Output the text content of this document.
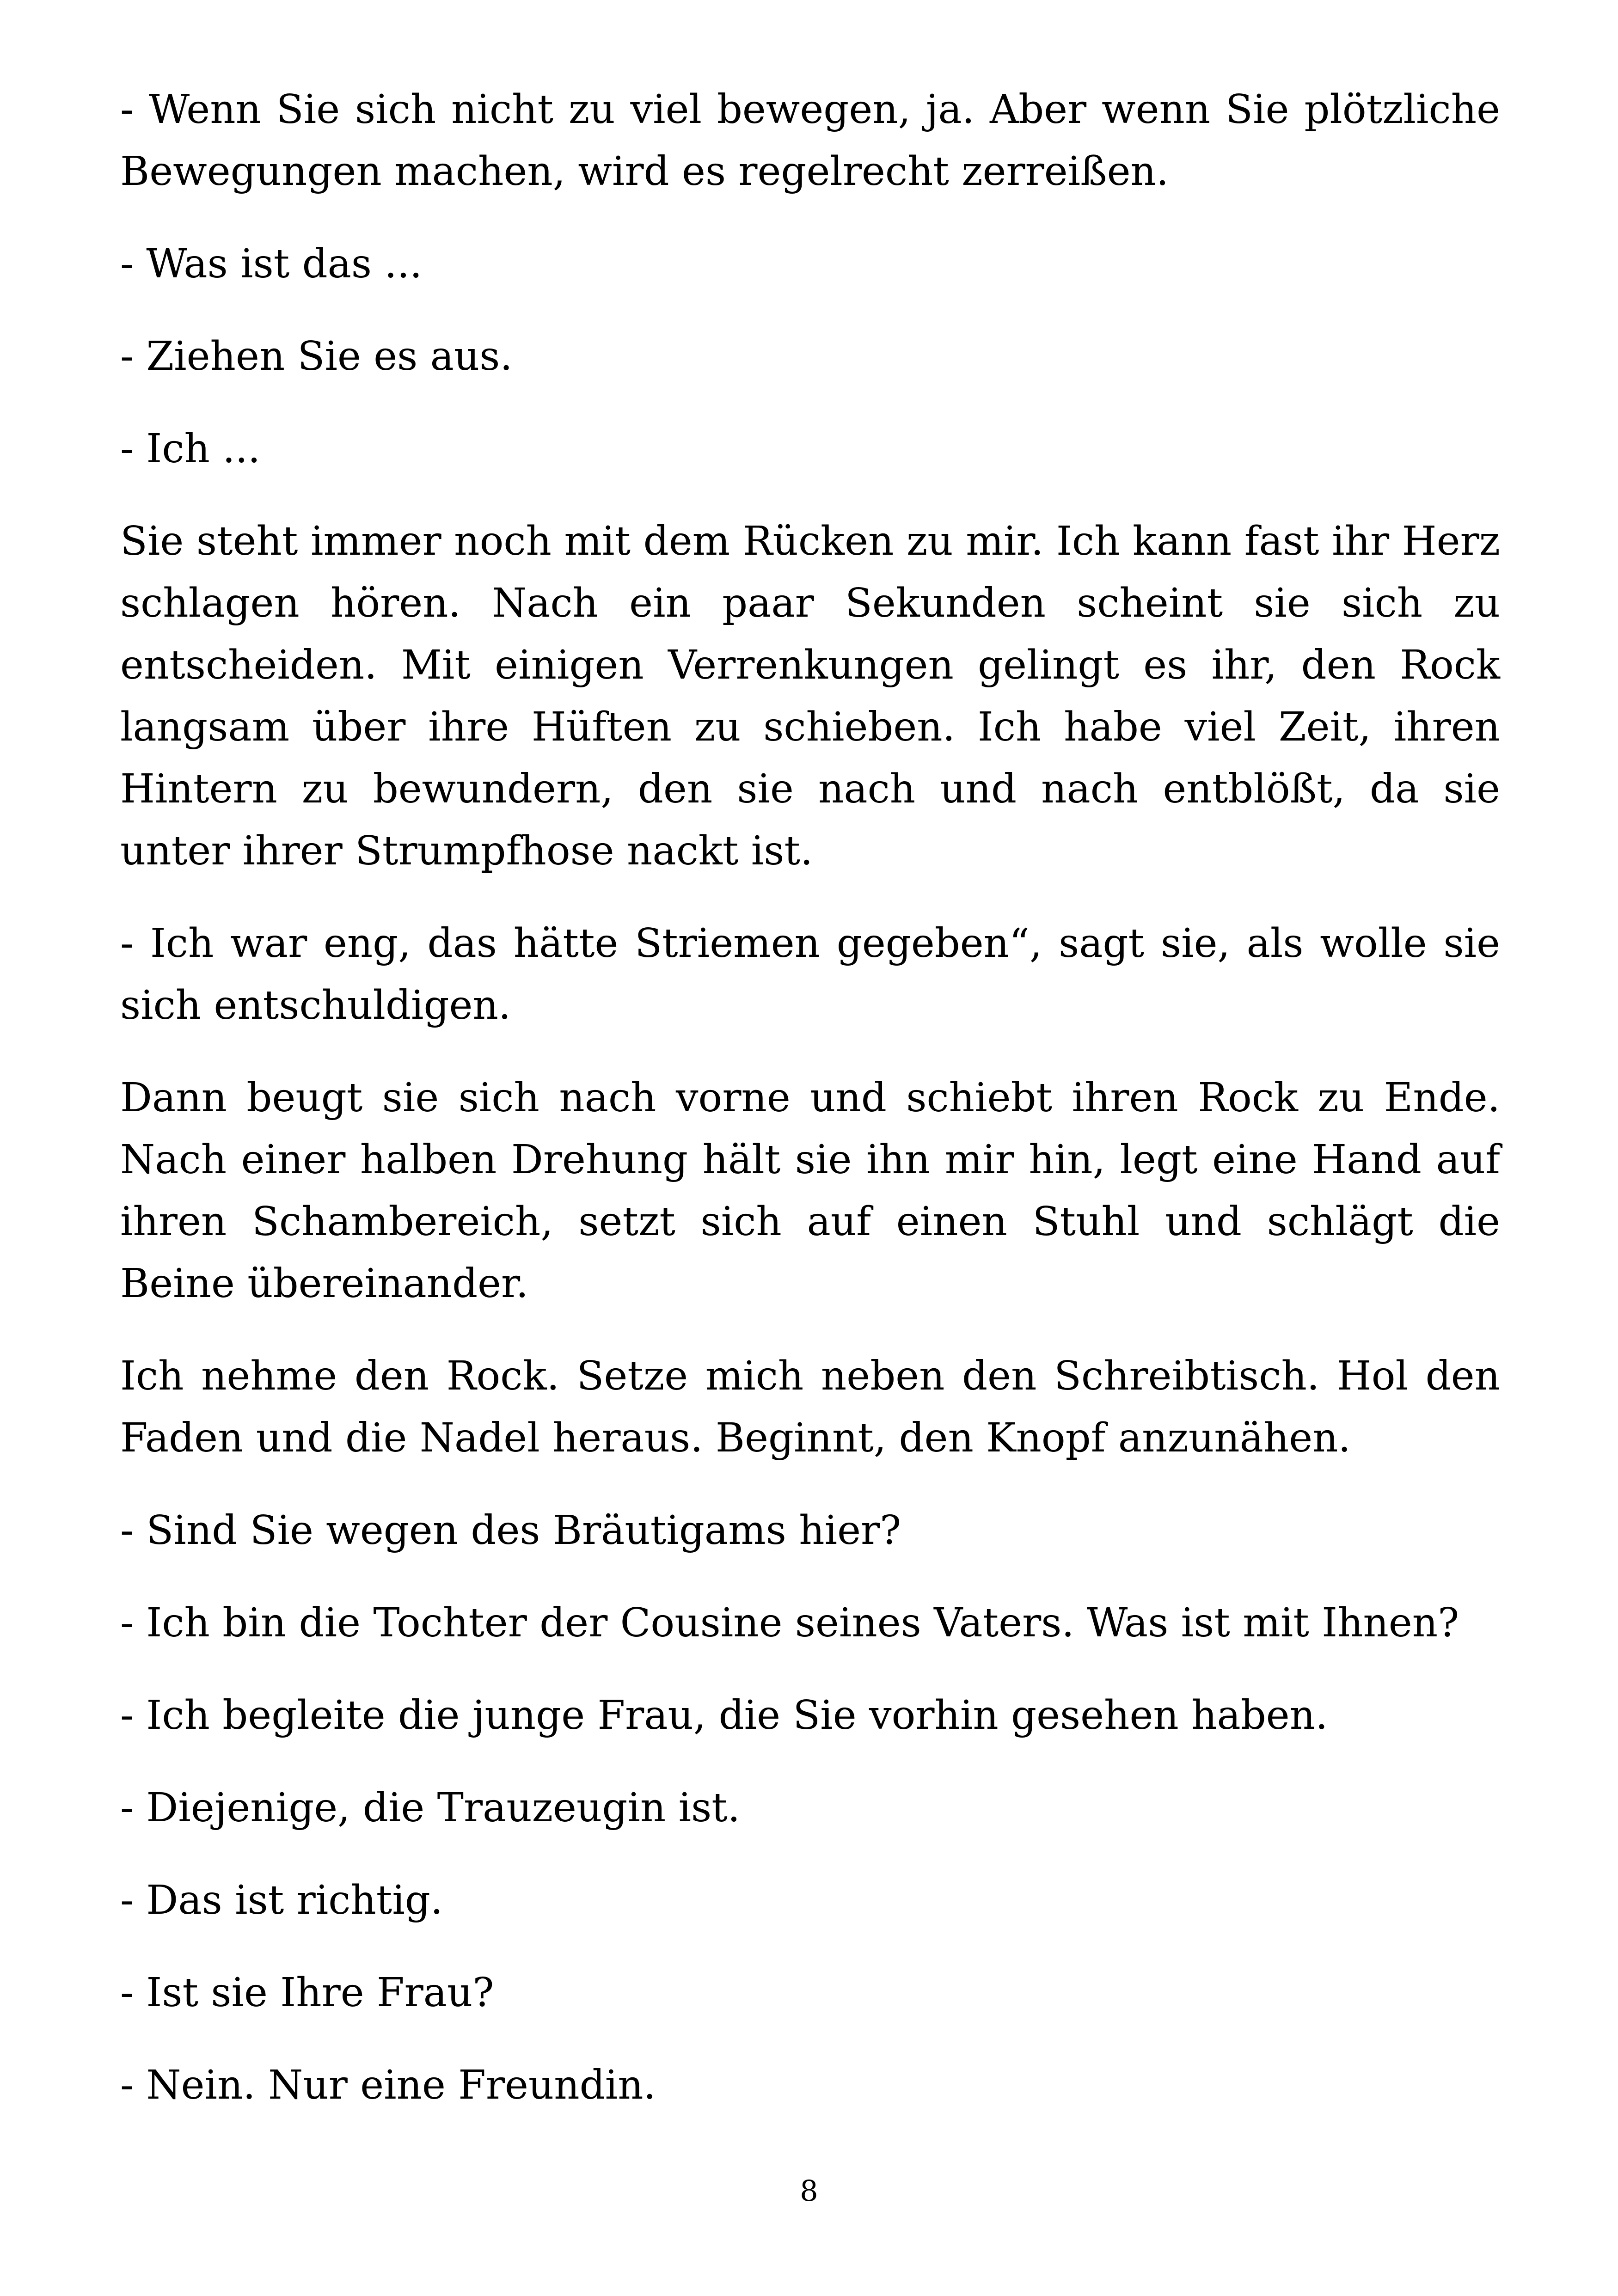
- Wenn Sie sich nicht zu viel bewegen, ja. Aber wenn Sie plötzliche Bewegungen machen, wird es regelrecht zerreißen.

- Was ist das ...

- Ziehen Sie es aus.

- Ich ...

Sie steht immer noch mit dem Rücken zu mir. Ich kann fast ihr Herz schlagen hören. Nach ein paar Sekunden scheint sie sich zu entscheiden. Mit einigen Verrenkungen gelingt es ihr, den Rock langsam über ihre Hüften zu schieben. Ich habe viel Zeit, ihren Hintern zu bewundern, den sie nach und nach entblößt, da sie unter ihrer Strumpfhose nackt ist.

- Ich war eng, das hätte Striemen gegeben“, sagt sie, als wolle sie sich entschuldigen.

Dann beugt sie sich nach vorne und schiebt ihren Rock zu Ende. Nach einer halben Drehung hält sie ihn mir hin, legt eine Hand auf ihren Schambereich, setzt sich auf einen Stuhl und schlägt die Beine übereinander.

Ich nehme den Rock. Setze mich neben den Schreibtisch. Hol den Faden und die Nadel heraus. Beginnt, den Knopf anzunähen.

- Sind Sie wegen des Bräutigams hier?

- Ich bin die Tochter der Cousine seines Vaters. Was ist mit Ihnen?

- Ich begleite die junge Frau, die Sie vorhin gesehen haben.

- Diejenige, die Trauzeugin ist.

- Das ist richtig.

- Ist sie Ihre Frau?

- Nein. Nur eine Freundin.

8
